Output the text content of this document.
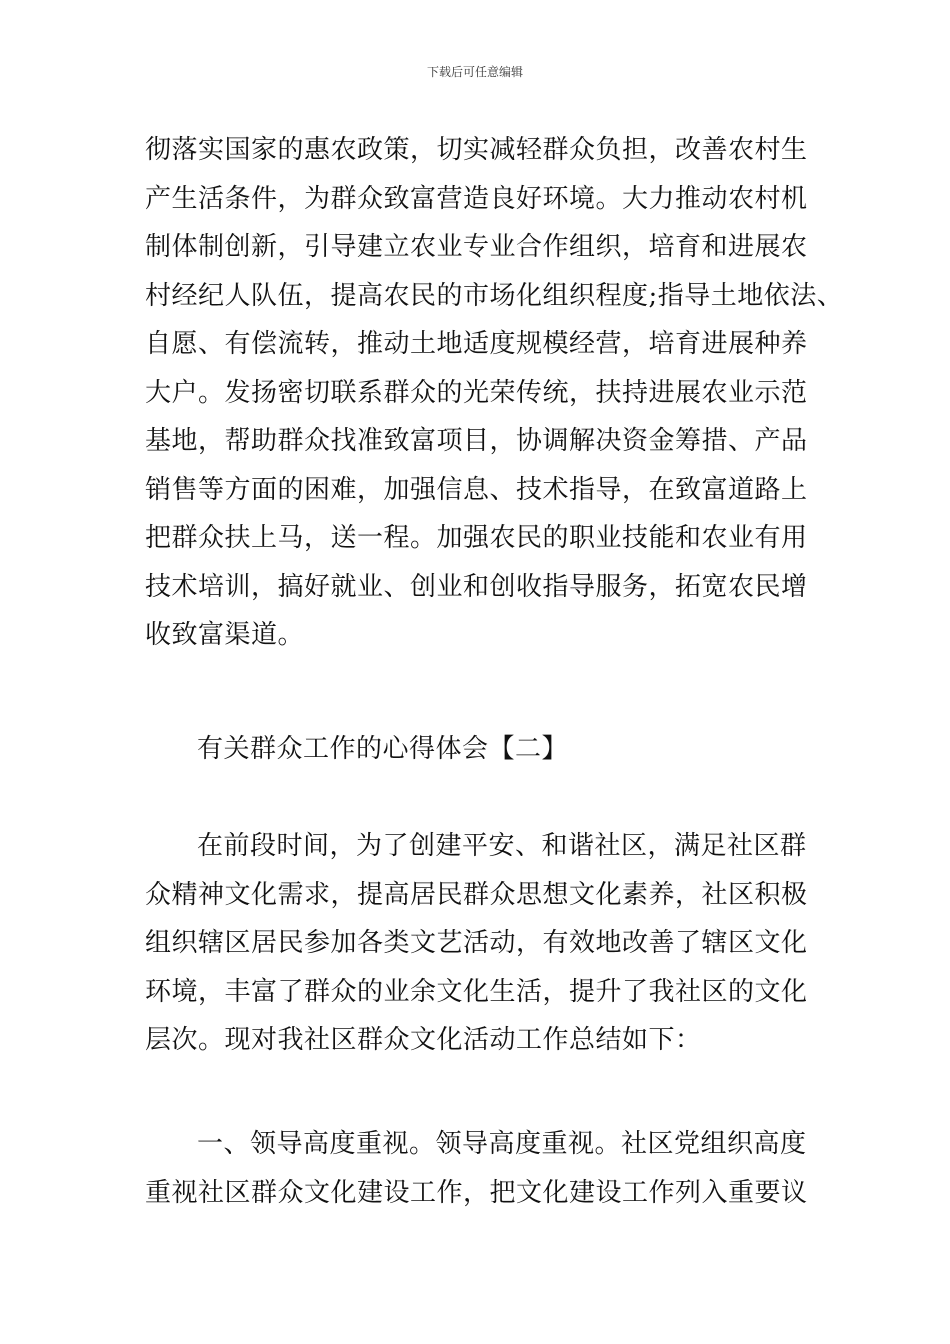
下载后可任意编辑
彻落实国家的惠农政策，切实减轻群众负担，改善农村生
产生活条件，为群众致富营造良好环境。大力推动农村机
制体制创新，引导建立农业专业合作组织，培育和进展农
村经纪人队伍，提高农民的市场化组织程度;指导土地依法、
自愿、有偿流转，推动土地适度规模经营，培育进展种养
大户。发扬密切联系群众的光荣传统，扶持进展农业示范
基地，帮助群众找准致富项目，协调解决资金筹措、产品
销售等方面的困难，加强信息、技术指导，在致富道路上
把群众扶上马，送一程。加强农民的职业技能和农业有用
技术培训，搞好就业、创业和创收指导服务，拓宽农民增
收致富渠道。
有关群众工作的心得体会【二】
在前段时间，为了创建平安、和谐社区，满足社区群
众精神文化需求，提高居民群众思想文化素养，社区积极
组织辖区居民参加各类文艺活动，有效地改善了辖区文化
环境，丰富了群众的业余文化生活，提升了我社区的文化
层次。现对我社区群众文化活动工作总结如下：
一、领导高度重视。领导高度重视。社区党组织高度
重视社区群众文化建设工作，把文化建设工作列入重要议
